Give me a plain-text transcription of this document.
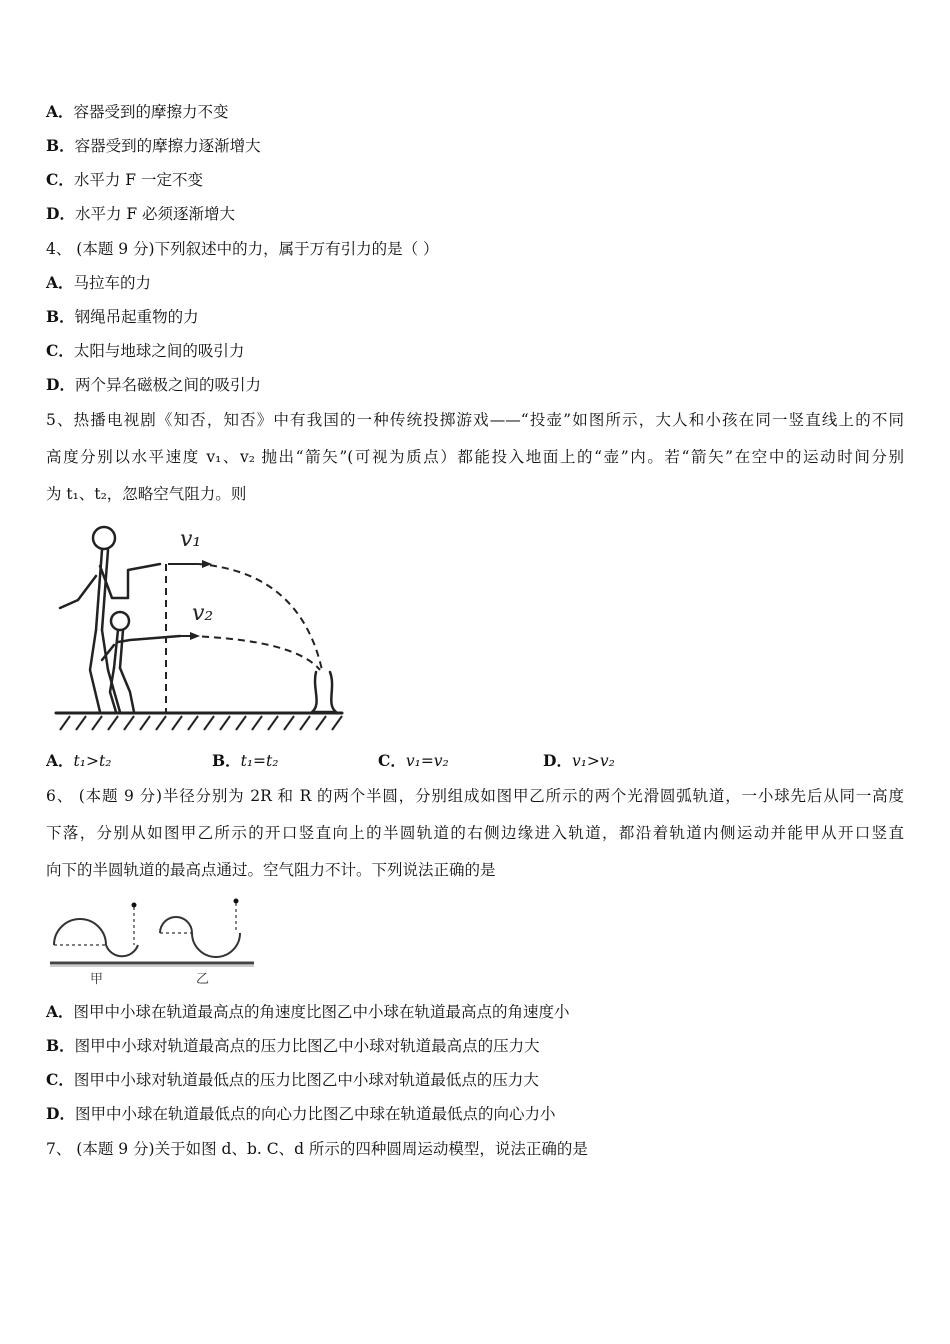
A．容器受到的摩擦力不变
B．容器受到的摩擦力逐渐增大
C．水平力 F 一定不变
D．水平力 F 必须逐渐增大
4、 (本题 9 分)下列叙述中的力，属于万有引力的是（ ）
A．马拉车的力
B．钢绳吊起重物的力
C．太阳与地球之间的吸引力
D．两个异名磁极之间的吸引力
5、热播电视剧《知否，知否》中有我国的一种传统投掷游戏——“投壶”如图所示，大人和小孩在同一竖直线上的不同
高度分别以水平速度 v₁、v₂ 抛出“箭矢”(可视为质点）都能投入地面上的“壶”内。若“箭矢”在空中的运动时间分别
为 t₁、t₂，忽略空气阻力。则
v₁
v₂
A．t₁>t₂	B．t₁=t₂	C．v₁=v₂	D．v₁>v₂
6、 (本题 9 分)半径分别为 2R 和 R 的两个半圆，分别组成如图甲乙所示的两个光滑圆弧轨道，一小球先后从同一高度
下落，分别从如图甲乙所示的开口竖直向上的半圆轨道的右侧边缘进入轨道，都沿着轨道内侧运动并能甲从开口竖直
向下的半圆轨道的最高点通过。空气阻力不计。下列说法正确的是
甲	乙
A．图甲中小球在轨道最高点的角速度比图乙中小球在轨道最高点的角速度小
B．图甲中小球对轨道最高点的压力比图乙中小球对轨道最高点的压力大
C．图甲中小球对轨道最低点的压力比图乙中小球对轨道最低点的压力大
D．图甲中小球在轨道最低点的向心力比图乙中球在轨道最低点的向心力小
7、 (本题 9 分)关于如图 d、b. C、d 所示的四种圆周运动模型，说法正确的是
